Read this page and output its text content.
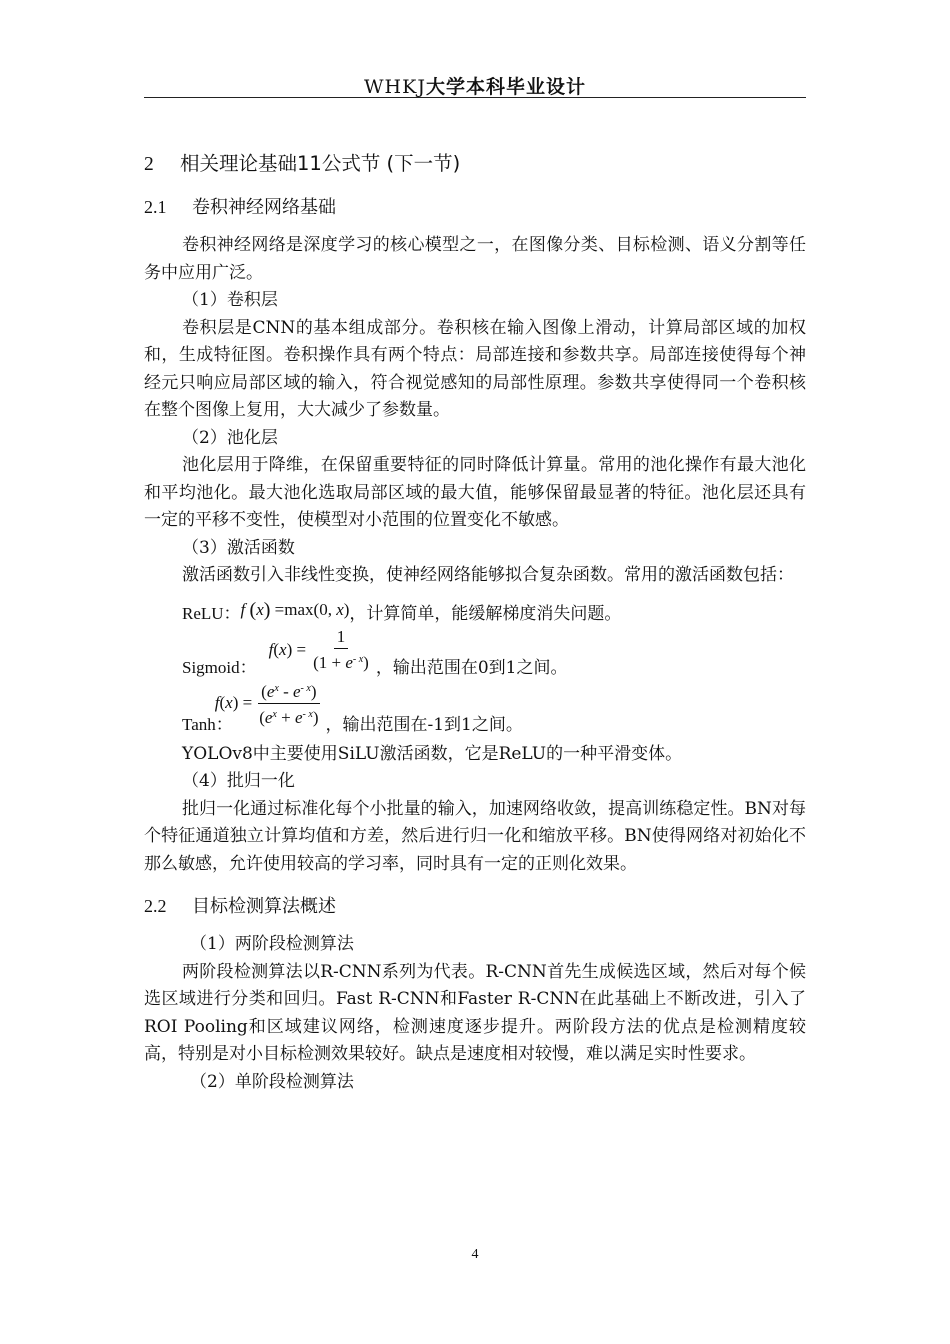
WHKJ大学本科毕业设计
2 相关理论基础11公式节 (下一节)
2.1 卷积神经网络基础

卷积神经网络是深度学习的核心模型之一，在图像分类、目标检测、语义分割等任务中应用广泛。

（1）卷积层

卷积层是CNN的基本组成部分。卷积核在输入图像上滑动，计算局部区域的加权和，生成特征图。卷积操作具有两个特点：局部连接和参数共享。局部连接使得每个神经元只响应局部区域的输入，符合视觉感知的局部性原理。参数共享使得同一个卷积核在整个图像上复用，大大减少了参数量。

（2）池化层

池化层用于降维，在保留重要特征的同时降低计算量。常用的池化操作有最大池化和平均池化。最大池化选取局部区域的最大值，能够保留最显著的特征。池化层还具有一定的平移不变性，使模型对小范围的位置变化不敏感。

（3）激活函数

激活函数引入非线性变换，使神经网络能够拟合复杂函数。常用的激活函数包括：

ReLU： f
( x ) =max(0, x ) ，计算简单，能缓解梯度消失问题。
Sigmoid：
f ( x ) = $\frac{1}{(1 + e^{- x})}$ ，输出范围在0到1之间。
Tanh：
f ( x ) = $\frac{(e^x - e^{- x})}{(e^x + e^{- x})}$ ，输出范围在-1到1之间。

YOLOv8中主要使用SiLU激活函数，它是ReLU的一种平滑变体。

（4）批归一化

批归一化通过标准化每个小批量的输入，加速网络收敛，提高训练稳定性。BN对每个特征通道独立计算均值和方差，然后进行归一化和缩放平移。BN使得网络对初始化不那么敏感，允许使用较高的学习率，同时具有一定的正则化效果。

2.2 目标检测算法概述

（1）两阶段检测算法

两阶段检测算法以R-CNN系列为代表。R-CNN首先生成候选区域，然后对每个候选区域进行分类和回归。Fast R-CNN和Faster R-CNN在此基础上不断改进，引入了ROI Pooling和区域建议网络，检测速度逐步提升。两阶段方法的优点是检测精度较高，特别是对小目标检测效果较好。缺点是速度相对较慢，难以满足实时性要求。

（2）单阶段检测算法

4
